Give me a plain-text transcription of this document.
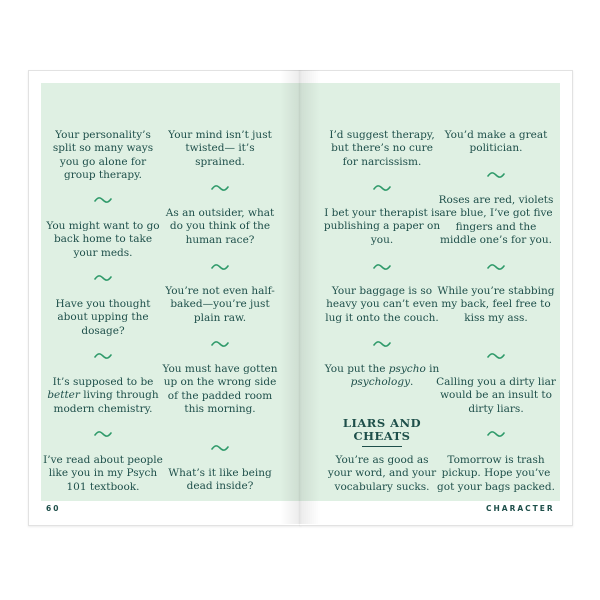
Your personality’s split so many ways you go alone for group therapy.
You might want to go back home to take your meds.
Have you thought about upping the dosage?
It’s supposed to be better living through modern chemistry.
I’ve read about people like you in my Psych 101 textbook.
Your mind isn’t just twisted— it’s sprained.
As an outsider, what do you think of the human race?
You’re not even half-baked—you’re just plain raw.
You must have gotten up on the wrong side of the padded room this morning.
What’s it like being dead inside?
I’d suggest therapy, but there’s no cure for narcissism.
I bet your therapist is publishing a paper on you.
Your baggage is so heavy you can’t even lug it onto the couch.
You put the psycho in psychology.
LIARS AND
CHEATS
You’re as good as your word, and your vocabulary sucks.
You’d make a great politician.
Roses are red, violets are blue, I’ve got five fingers and the middle one’s for you.
While you’re stabbing my back, feel free to kiss my ass.
Calling you a dirty liar would be an insult to dirty liars.
Tomorrow is trash pickup. Hope you’ve got your bags packed.
60	CHARACTER
